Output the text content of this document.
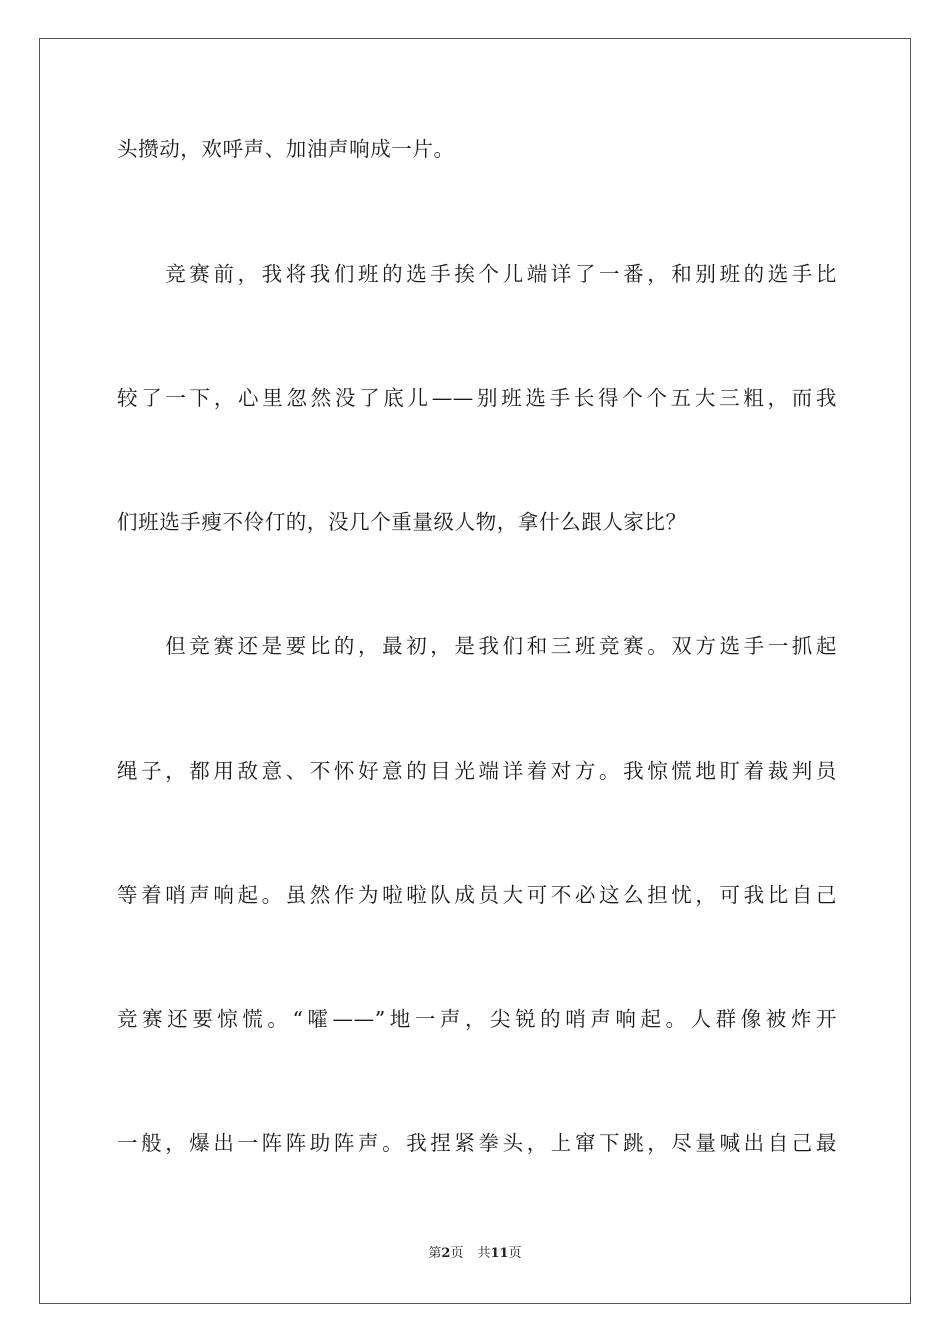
头攒动，欢呼声、加油声响成一片。

　　竞赛前，我将我们班的选手挨个儿端详了一番，和别班的选手比

较了一下，心里忽然没了底儿——别班选手长得个个五大三粗，而我

们班选手瘦不伶仃的，没几个重量级人物，拿什么跟人家比？

　　但竞赛还是要比的，最初，是我们和三班竞赛。双方选手一抓起

绳子，都用敌意、不怀好意的目光端详着对方。我惊慌地盯着裁判员

等着哨声响起。虽然作为啦啦队成员大可不必这么担忧，可我比自己

竞赛还要惊慌。“嚯——”地一声，尖锐的哨声响起。人群像被炸开

一般，爆出一阵阵助阵声。我捏紧拳头，上窜下跳，尽量喊出自己最

第2页 共11页
